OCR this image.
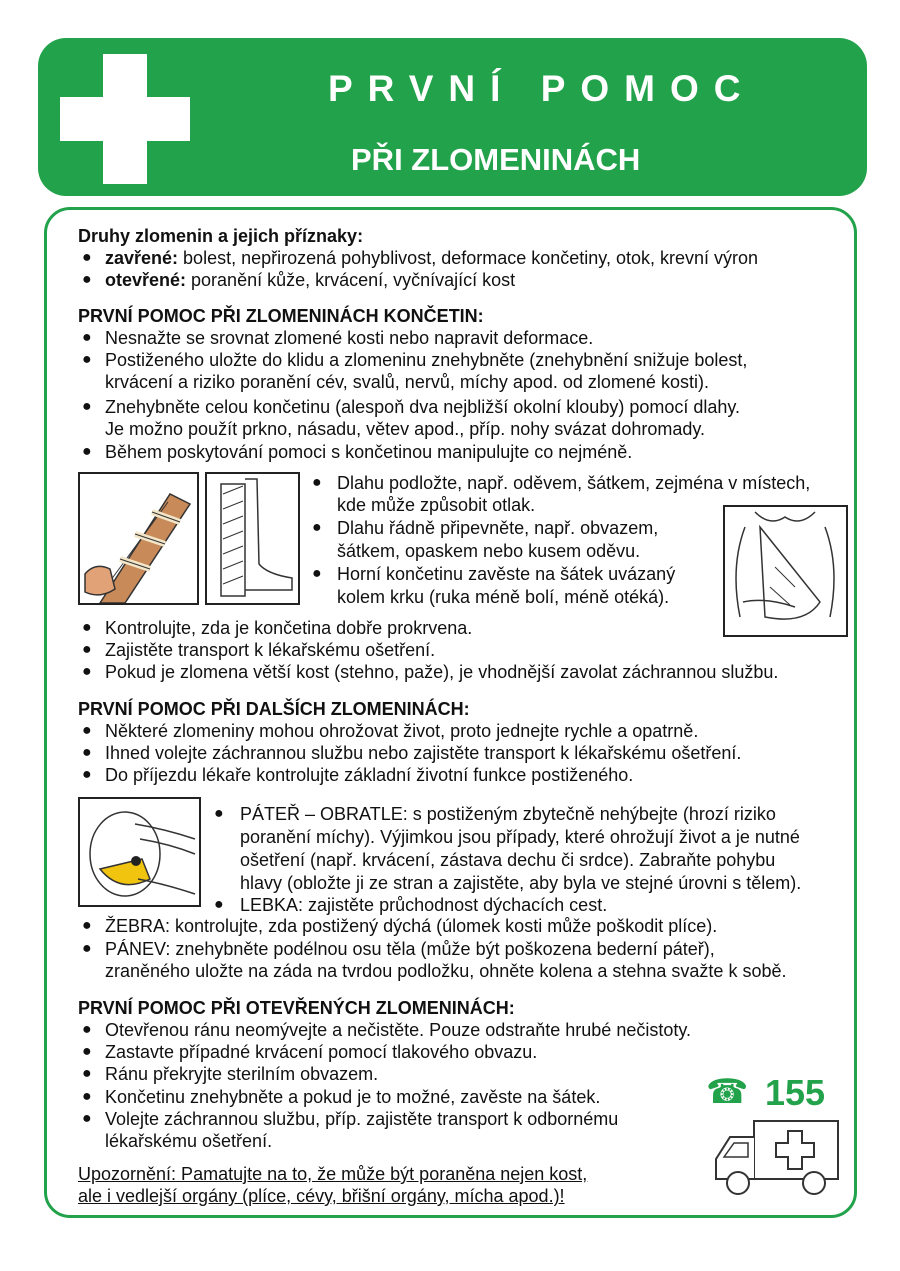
PRVNÍ POMOC
PŘI ZLOMENINÁCH
Druhy zlomenin a jejich příznaky:
● zavřené: bolest, nepřirozená pohyblivost, deformace končetiny, otok, krevní výron
● otevřené: poranění kůže, krvácení, vyčnívající kost
PRVNÍ POMOC PŘI ZLOMENINÁCH KONČETIN:
● Nesnažte se srovnat zlomené kosti nebo napravit deformace.
● Postiženého uložte do klidu a zlomeninu znehybněte (znehybnění snižuje bolest,
krvácení a riziko poranění cév, svalů, nervů, míchy apod. od zlomené kosti).
● Znehybněte celou končetinu (alespoň dva nejbližší okolní klouby) pomocí dlahy.
Je možno použít prkno, násadu, větev apod., příp. nohy svázat dohromady.
● Během poskytování pomoci s končetinou manipulujte co nejméně.
● Dlahu podložte, např. oděvem, šátkem, zejména v místech,
kde může způsobit otlak.
● Dlahu řádně připevněte, např. obvazem,
šátkem, opaskem nebo kusem oděvu.
● Horní končetinu zavěste na šátek uvázaný
kolem krku (ruka méně bolí, méně otéká).
● Kontrolujte, zda je končetina dobře prokrvena.
● Zajistěte transport k lékařskému ošetření.
● Pokud je zlomena větší kost (stehno, paže), je vhodnější zavolat záchrannou službu.
PRVNÍ POMOC PŘI DALŠÍCH ZLOMENINÁCH:
● Některé zlomeniny mohou ohrožovat život, proto jednejte rychle a opatrně.
● Ihned volejte záchrannou službu nebo zajistěte transport k lékařskému ošetření.
● Do příjezdu lékaře kontrolujte základní životní funkce postiženého.
● PÁTEŘ – OBRATLE: s postiženým zbytečně nehýbejte (hrozí riziko
poranění míchy). Výjimkou jsou případy, které ohrožují život a je nutné
ošetření (např. krvácení, zástava dechu či srdce). Zabraňte pohybu
hlavy (obložte ji ze stran a zajistěte, aby byla ve stejné úrovni s tělem).
● LEBKA: zajistěte průchodnost dýchacích cest.
● ŽEBRA: kontrolujte, zda postižený dýchá (úlomek kosti může poškodit plíce).
● PÁNEV: znehybněte podélnou osu těla (může být poškozena bederní páteř),
zraněného uložte na záda na tvrdou podložku, ohněte kolena a stehna svažte k sobě.
PRVNÍ POMOC PŘI OTEVŘENÝCH ZLOMENINÁCH:
● Otevřenou ránu neomývejte a nečistěte. Pouze odstraňte hrubé nečistoty.
● Zastavte případné krvácení pomocí tlakového obvazu.
● Ránu překryjte sterilním obvazem.
● Končetinu znehybněte a pokud je to možné, zavěste na šátek.
● Volejte záchrannou službu, příp. zajistěte transport k odbornému
lékařskému ošetření.
Upozornění: Pamatujte na to, že může být poraněna nejen kost,
ale i vedlejší orgány (plíce, cévy, břišní orgány, mícha apod.)!
☎ 155
